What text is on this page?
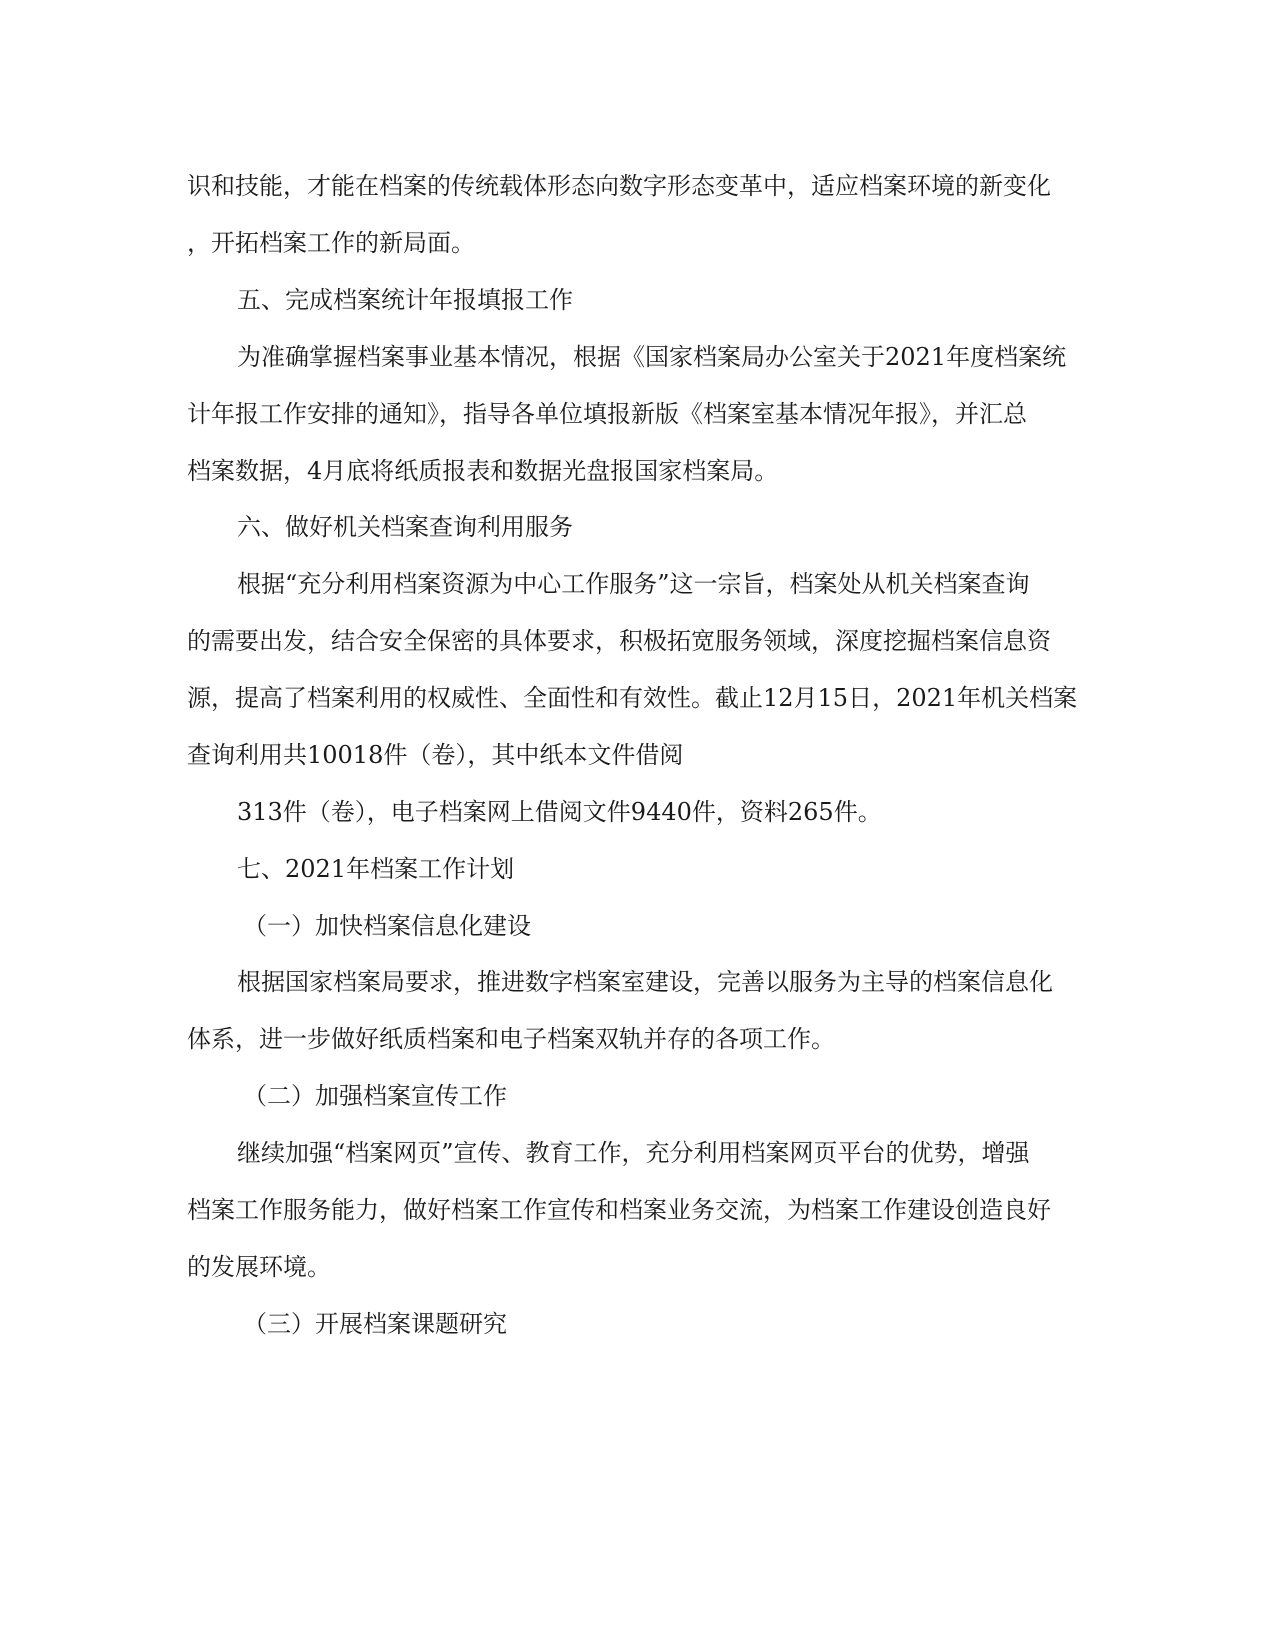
识和技能，才能在档案的传统载体形态向数字形态变革中，适应档案环境的新变化
，开拓档案工作的新局面。
五、完成档案统计年报填报工作
为准确掌握档案事业基本情况，根据《国家档案局办公室关于2021年度档案统
计年报工作安排的通知》，指导各单位填报新版《档案室基本情况年报》，并汇总
档案数据，4月底将纸质报表和数据光盘报国家档案局。
六、做好机关档案查询利用服务
根据“充分利用档案资源为中心工作服务”这一宗旨，档案处从机关档案查询
的需要出发，结合安全保密的具体要求，积极拓宽服务领域，深度挖掘档案信息资
源，提高了档案利用的权威性、全面性和有效性。截止12月15日，2021年机关档案
查询利用共10018件（卷），其中纸本文件借阅
313件（卷），电子档案网上借阅文件9440件，资料265件。
七、2021年档案工作计划
（一）加快档案信息化建设
根据国家档案局要求，推进数字档案室建设，完善以服务为主导的档案信息化
体系，进一步做好纸质档案和电子档案双轨并存的各项工作。
（二）加强档案宣传工作
继续加强“档案网页”宣传、教育工作，充分利用档案网页平台的优势，增强
档案工作服务能力，做好档案工作宣传和档案业务交流，为档案工作建设创造良好
的发展环境。
（三）开展档案课题研究
